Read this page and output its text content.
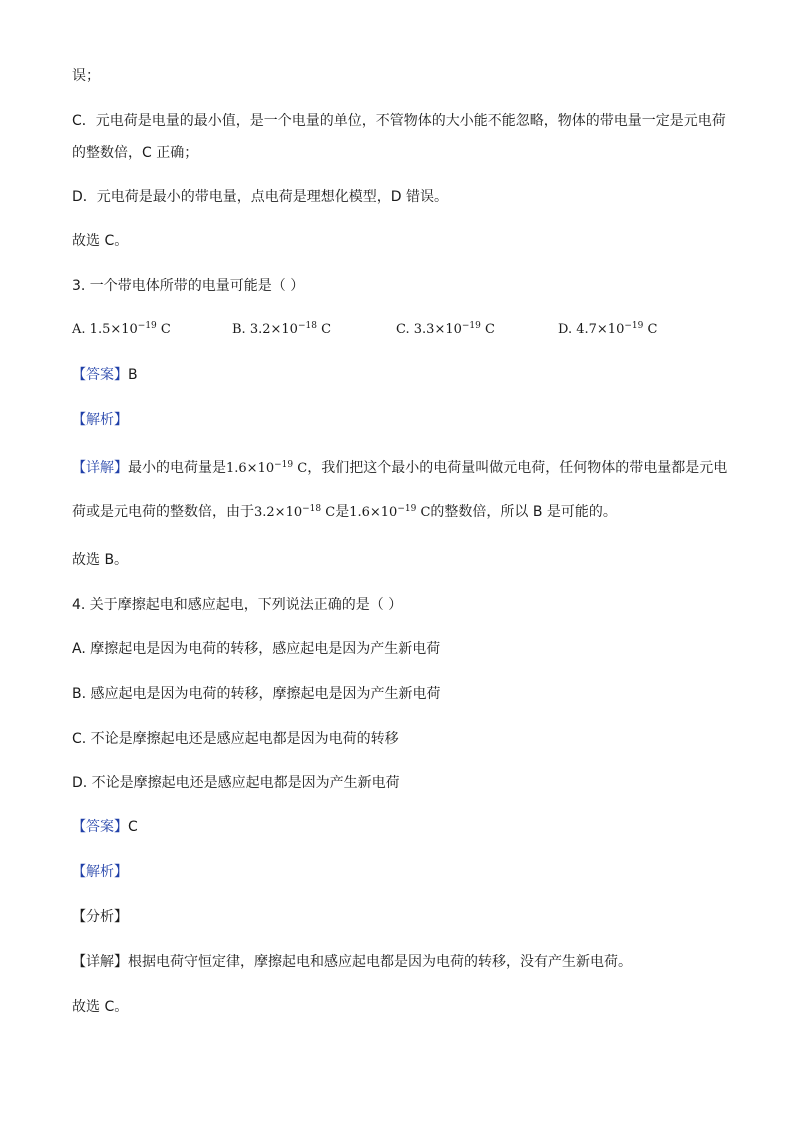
误；
C．元电荷是电量的最小值，是一个电量的单位，不管物体的大小能不能忽略，物体的带电量一定是元电荷
的整数倍，C 正确；
D．元电荷是最小的带电量，点电荷是理想化模型，D 错误。
故选 C。
3. 一个带电体所带的电量可能是（ ）
A. $1.5\times 10^{-19}$ C	B. $3.2\times 10^{-18}$ C	C. $3.3\times 10^{-19}$ C	D. $4.7\times 10^{-19}$ C
【答案】B
【解析】
【详解】最小的电荷量是$1.6\times 10^{-19}$ C，我们把这个最小的电荷量叫做元电荷，任何物体的带电量都是元电
荷或是元电荷的整数倍，由于$3.2\times 10^{-18}$ C是$1.6\times 10^{-19}$ C的整数倍，所以 B 是可能的。
故选 B。
4. 关于摩擦起电和感应起电，下列说法正确的是（ ）
A. 摩擦起电是因为电荷的转移，感应起电是因为产生新电荷
B. 感应起电是因为电荷的转移，摩擦起电是因为产生新电荷
C. 不论是摩擦起电还是感应起电都是因为电荷的转移
D. 不论是摩擦起电还是感应起电都是因为产生新电荷
【答案】C
【解析】
【分析】
【详解】根据电荷守恒定律，摩擦起电和感应起电都是因为电荷的转移，没有产生新电荷。
故选 C。
